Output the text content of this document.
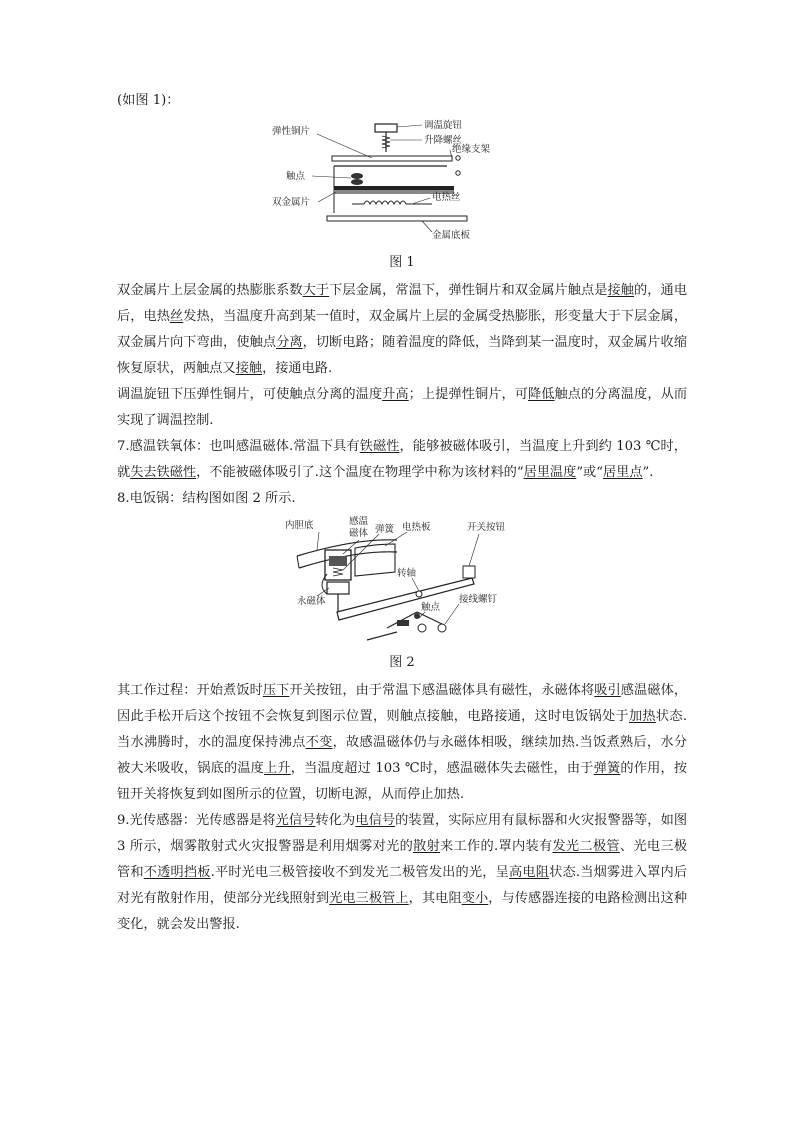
(如图 1)：

调温旋钮
升降螺丝
弹性铜片
绝缘支架
触点
双金属片	电热丝
金属底板
图 1

双金属片上层金属的热膨胀系数大于下层金属，常温下，弹性铜片和双金属片触点是接触的，通电后，电热丝发热，当温度升高到某一值时，双金属片上层的金属受热膨胀，形变量大于下层金属，双金属片向下弯曲，使触点分离，切断电路；随着温度的降低，当降到某一温度时，双金属片收缩恢复原状，两触点又接触，接通电路.

调温旋钮下压弹性铜片，可使触点分离的温度升高；上提弹性铜片，可降低触点的分离温度，从而实现了调温控制.

7.感温铁氧体：也叫感温磁体.常温下具有铁磁性，能够被磁体吸引，当温度上升到约 103 ℃时，就失去铁磁性，不能被磁体吸引了.这个温度在物理学中称为该材料的“居里温度”或“居里点”.

8.电饭锅：结构图如图 2 所示.

内胆底	感温
磁体 弹簧 电热板	开关按钮
转轴
永磁体
触点
接线螺钉
图 2

其工作过程：开始煮饭时压下开关按钮，由于常温下感温磁体具有磁性，永磁体将吸引感温磁体，因此手松开后这个按钮不会恢复到图示位置，则触点接触，电路接通，这时电饭锅处于加热状态.当水沸腾时，水的温度保持沸点不变，故感温磁体仍与永磁体相吸，继续加热.当饭煮熟后，水分被大米吸收，锅底的温度上升，当温度超过 103 ℃时，感温磁体失去磁性，由于弹簧的作用，按钮开关将恢复到如图所示的位置，切断电源，从而停止加热.

9.光传感器：光传感器是将光信号转化为电信号的装置，实际应用有鼠标器和火灾报警器等，如图 3 所示，烟雾散射式火灾报警器是利用烟雾对光的散射来工作的.罩内装有发光二极管、光电三极管和不透明挡板.平时光电三极管接收不到发光二极管发出的光，呈高电阻状态.当烟雾进入罩内后对光有散射作用，使部分光线照射到光电三极管上，其电阻变小，与传感器连接的电路检测出这种变化，就会发出警报.
